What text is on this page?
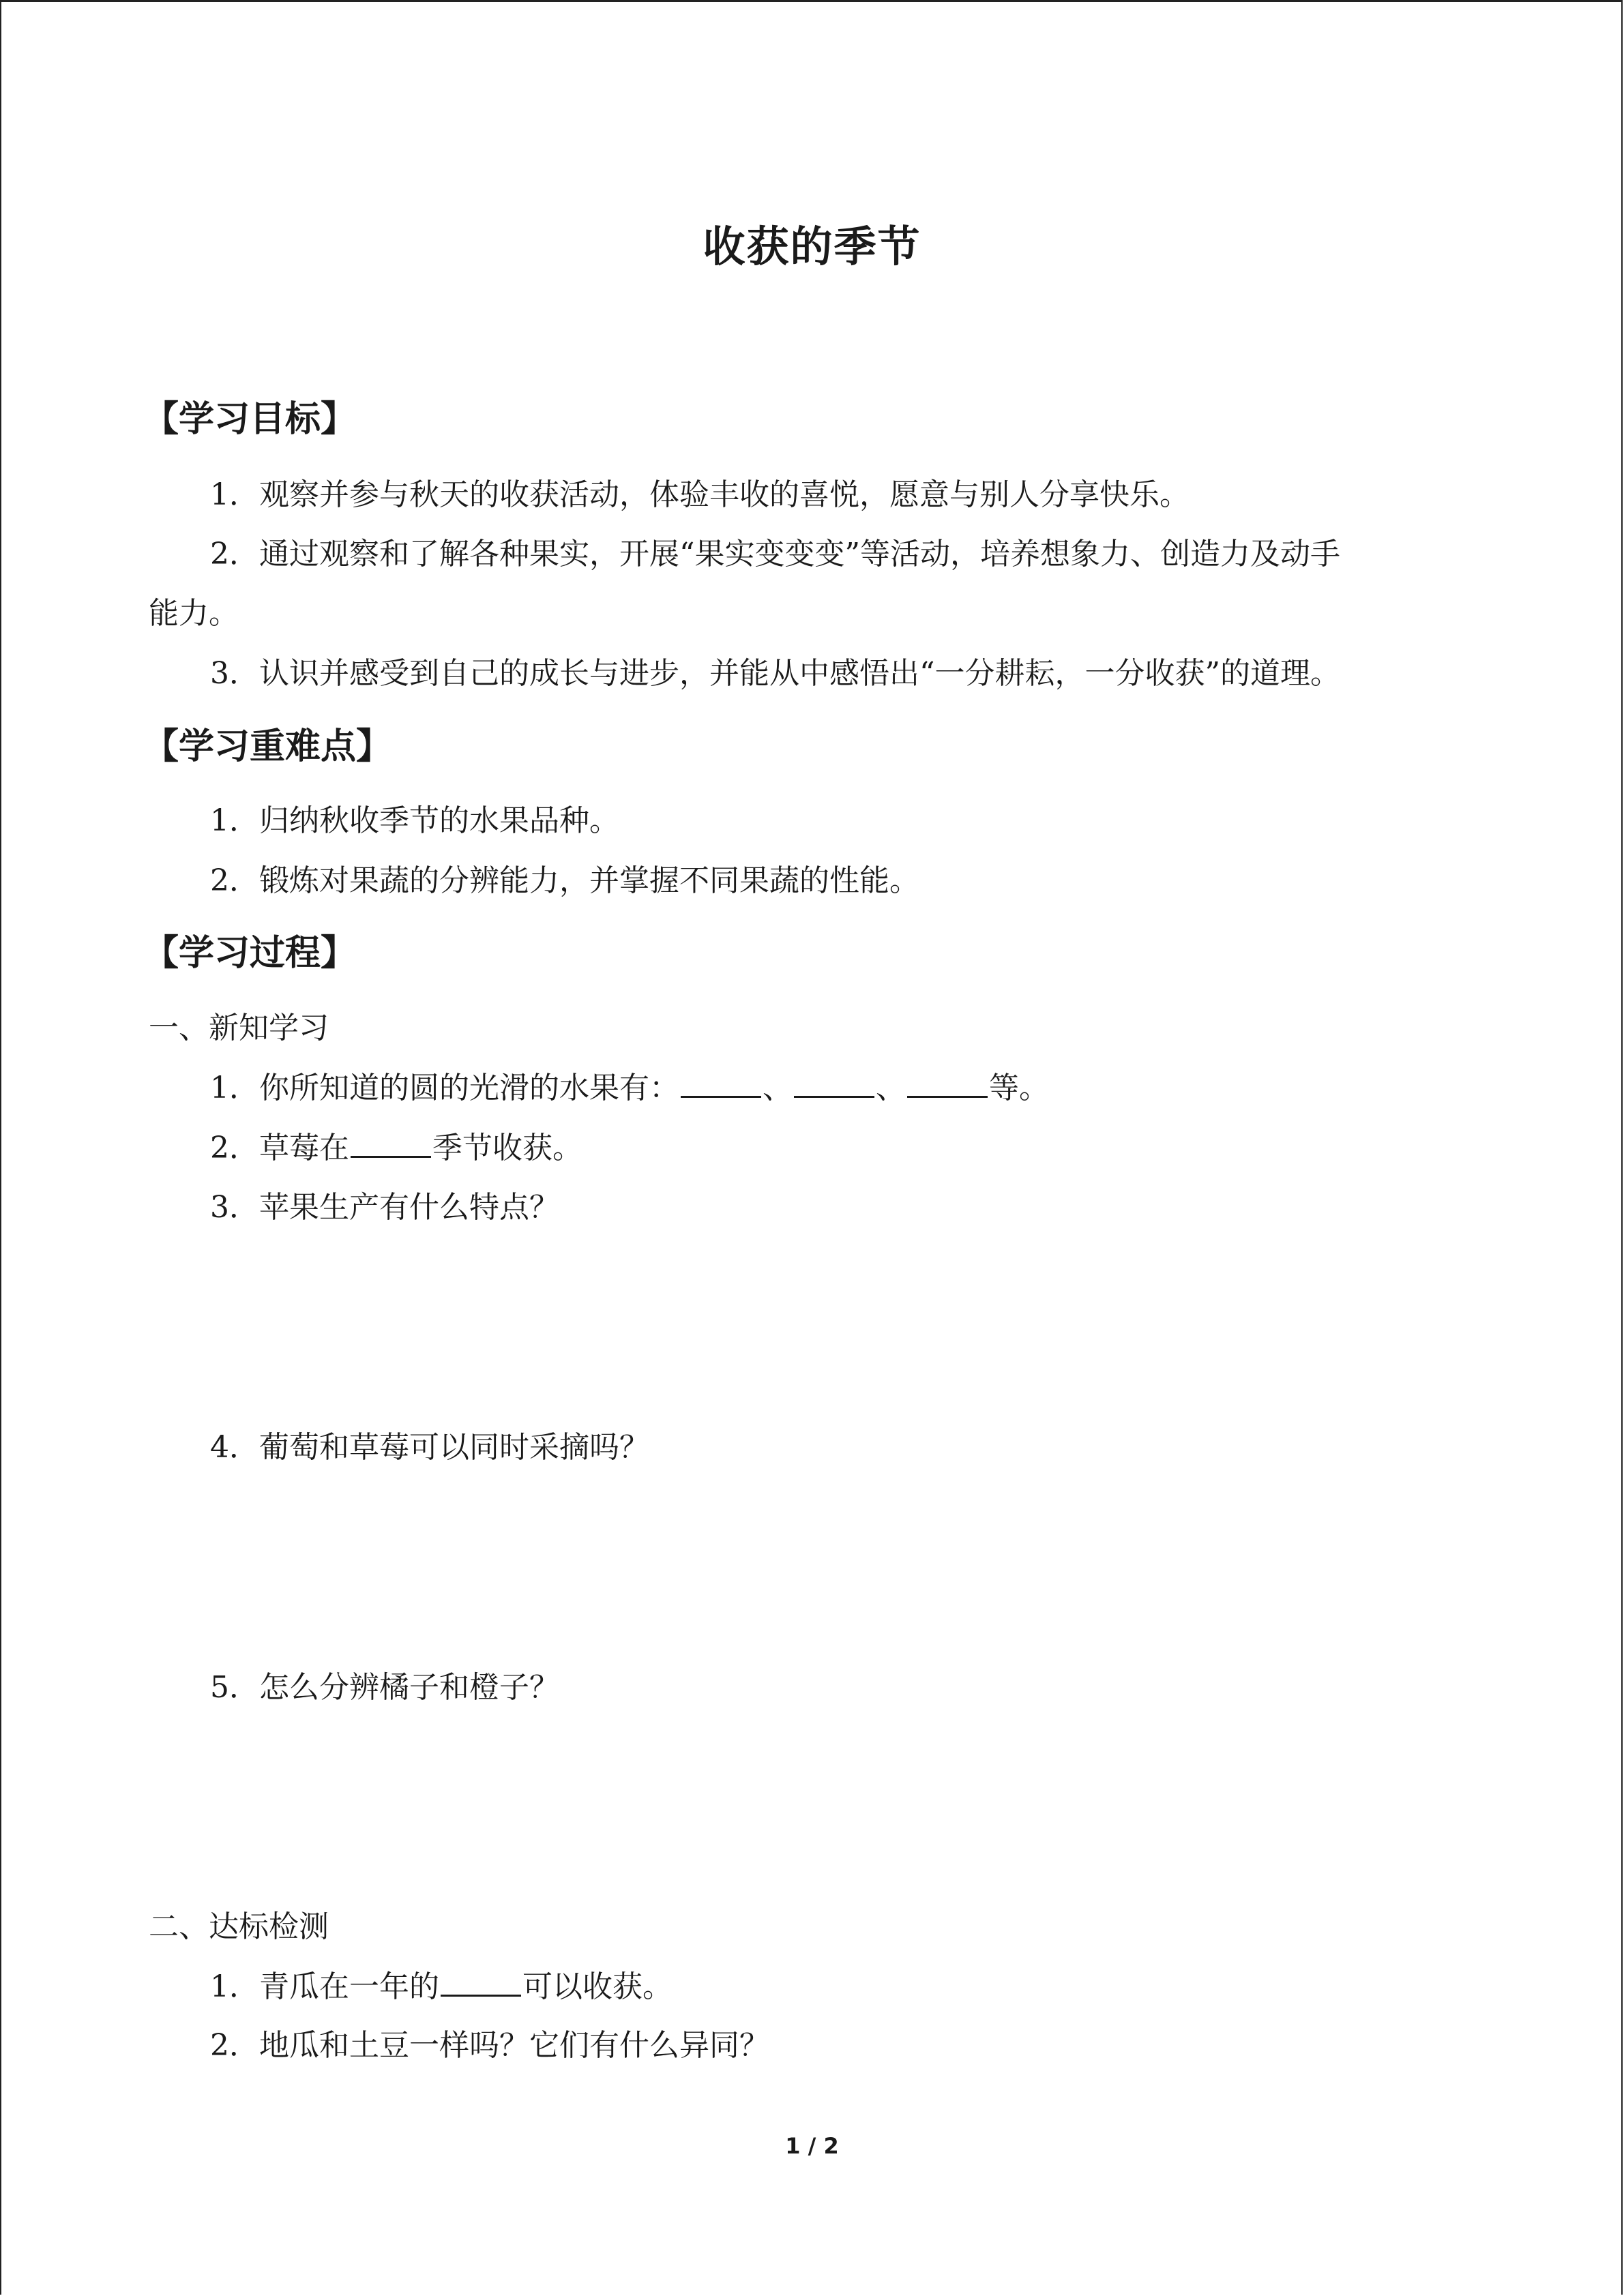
收获的季节
【学习目标】
1．观察并参与秋天的收获活动，体验丰收的喜悦，愿意与别人分享快乐。
2．通过观察和了解各种果实，开展“果实变变变”等活动，培养想象力、创造力及动手
能力。
3．认识并感受到自己的成长与进步，并能从中感悟出“一分耕耘，一分收获”的道理。
【学习重难点】
1．归纳秋收季节的水果品种。
2．锻炼对果蔬的分辨能力，并掌握不同果蔬的性能。
【学习过程】
一、新知学习
1．你所知道的圆的光滑的水果有：	、	、	等。
2．草莓在	季节收获。
3．苹果生产有什么特点？
4．葡萄和草莓可以同时采摘吗？
5．怎么分辨橘子和橙子？
二、达标检测
1．青瓜在一年的	可以收获。
2．地瓜和土豆一样吗？它们有什么异同？
1 / 2
